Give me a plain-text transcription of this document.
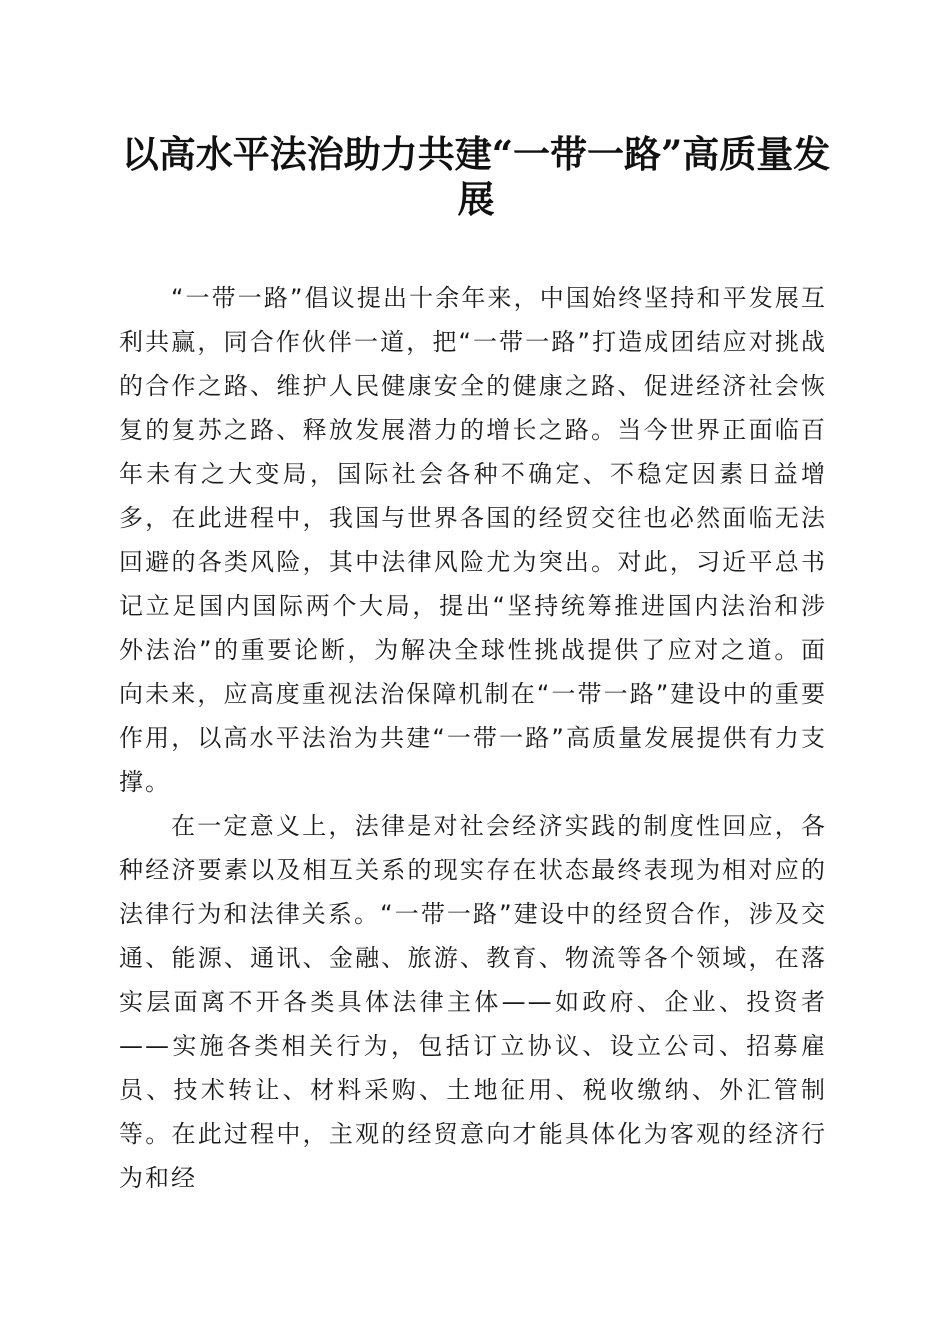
以高水平法治助力共建“一带一路”高质量发展

“一带一路”倡议提出十余年来，中国始终坚持和平发展互利共赢，同合作伙伴一道，把“一带一路”打造成团结应对挑战的合作之路、维护人民健康安全的健康之路、促进经济社会恢复的复苏之路、释放发展潜力的增长之路。当今世界正面临百年未有之大变局，国际社会各种不确定、不稳定因素日益增多，在此进程中，我国与世界各国的经贸交往也必然面临无法回避的各类风险，其中法律风险尤为突出。对此，习近平总书记立足国内国际两个大局，提出“坚持统筹推进国内法治和涉外法治”的重要论断，为解决全球性挑战提供了应对之道。面向未来，应高度重视法治保障机制在“一带一路”建设中的重要作用，以高水平法治为共建“一带一路”高质量发展提供有力支撑。

在一定意义上，法律是对社会经济实践的制度性回应，各种经济要素以及相互关系的现实存在状态最终表现为相对应的法律行为和法律关系。“一带一路”建设中的经贸合作，涉及交通、能源、通讯、金融、旅游、教育、物流等各个领域，在落实层面离不开各类具体法律主体——如政府、企业、投资者——实施各类相关行为，包括订立协议、设立公司、招募雇员、技术转让、材料采购、土地征用、税收缴纳、外汇管制等。在此过程中，主观的经贸意向才能具体化为客观的经济行为和经
